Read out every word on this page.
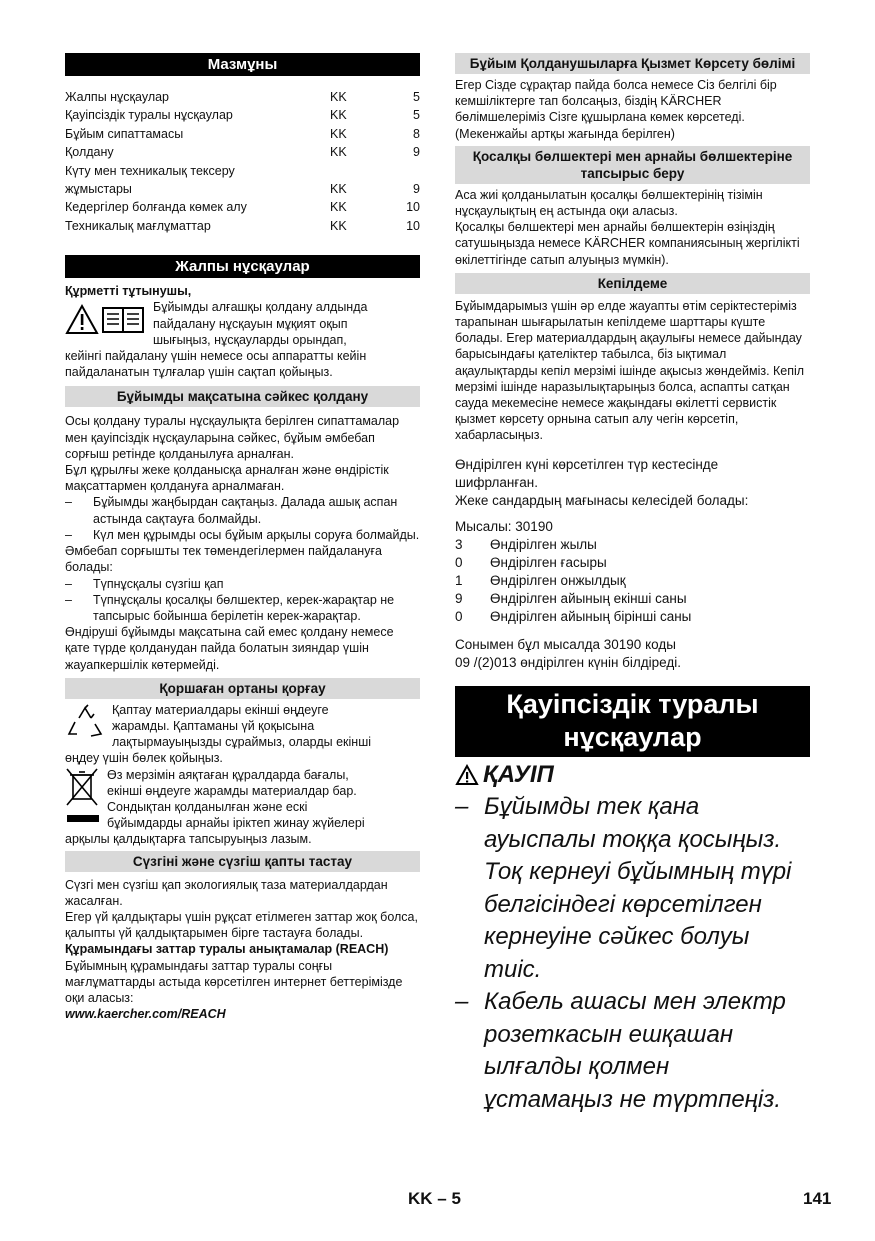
Мазмұны
Жалпы нұсқаулар	KK	5
Қауіпсіздік туралы нұсқаулар	KK	5
Бұйым сипаттамасы	KK	8
Қолдану	KK	9
Күту мен техникалық тексеру
жұмыстары	KK	9
Кедергілер болғанда көмек алу	KK	10
Техникалық мағлұматтар	KK	10
Жалпы нұсқаулар

Құрметті тұтынушы,

Бұйымды алғашқы қолдану алдында

пайдалану нұсқауын мұқият оқып

шығыңыз, нұсқауларды орындап,

кейінгі пайдалану үшін немесе осы аппаратты кейін пайдаланатын тұлғалар үшін сақтап қойыңыз.

Бұйымды мақсатына сәйкес қолдану

Осы қолдану туралы нұсқаулықта берілген сипаттамалар мен қауіпсіздік нұсқауларына сәйкес, бұйым әмбебап сорғыш ретінде қолданылуға арналған.

Бұл құрылғы жеке қолданысқа арналған және өндірістік мақсаттармен қолдануға арналмаған.

–	Бұйымды жаңбырдан сақтаңыз. Далада ашық аспан астында сақтауға болмайды.
–	Күл мен құрымды осы бұйым арқылы соруға болмайды.

Әмбебап сорғышты тек төмендегілермен пайдалануға болады:

–	Түпнұсқалы сүзгіш қап
–	Түпнұсқалы қосалқы бөлшектер, керек-жарақтар не тапсырыс бойынша берілетін керек-жарақтар.

Өндіруші бұйымды мақсатына сай емес қолдану немесе қате түрде қолданудан пайда болатын зияндар үшін жауапкершілік көтермейді.

Қоршаған ортаны қорғау

Қаптау материалдары екінші өңдеуге

жарамды. Қаптаманы үй қоқысына

лақтырмауыңызды сұраймыз, оларды екінші

өңдеу үшін бөлек қойыңыз.

Өз мерзімін аяқтаған құралдарда бағалы,

екінші өңдеуге жарамды материалдар бар.

Сондықтан қолданылған және ескі

бұйымдарды арнайы іріктеп жинау жүйелері

арқылы қалдықтарға тапсыруыңыз лазым.

Сүзгіні және сүзгіш қапты тастау

Сүзгі мен сүзгіш қап экологиялық таза материалдардан жасалған.

Егер үй қалдықтары үшін рұқсат етілмеген заттар жоқ болса, қалыпты үй қалдықтарымен бірге тастауға болады.

Құрамындағы заттар туралы анықтамалар (REACH)

Бұйымның құрамындағы заттар туралы соңғы мағлұматтарды астыда көрсетілген интернет беттерімізде оқи аласыз:

www.kaercher.com/REACH

Бұйым Қолданушыларға Қызмет Көрсету бөлімі

Егер Сізде сұрақтар пайда болса немесе Сіз белгілі бір кемшіліктерге тап болсаңыз, біздің KÄRCHER бөлімшелеріміз Сізге құшырлана көмек көрсетеді. (Мекенжайы артқы жағында берілген)

Қосалқы бөлшектері мен арнайы бөлшектеріне тапсырыс беру

Аса жиі қолданылатын қосалқы бөлшектерінің тізімін нұсқаулықтың ең астында оқи аласыз.

Қосалқы бөлшектері мен арнайы бөлшектерін өзіңіздің сатушыңызда немесе KÄRCHER компаниясының жергілікті өкілеттігінде сатып алуыңыз мүмкін).

Кепілдеме

Бұйымдарымыз үшін әр елде жауапты өтім серіктестеріміз тарапынан шығарылатын кепілдеме шарттары күште болады. Егер материалдардың ақаулығы немесе дайындау барысындағы қателіктер табылса, біз ықтимал ақаулықтарды кепіл мерзімі ішінде ақысыз жөндейміз. Кепіл мерзімі ішінде наразылықтарыңыз болса, аспапты сатқан сауда мекемесіне немесе жақындағы өкілетті сервистік қызмет көрсету орнына сатып алу чегін көрсетіп, хабарласыңыз.

Өндірілген күні көрсетілген түр кестесінде
шифрланған.
Жеке сандардың мағынасы келесідей болады:
Мысалы: 30190
3	Өндірілген жылы
0	Өндірілген ғасыры
1	Өндірілген онжылдық
9	Өндірілген айының екінші саны
0	Өндірілген айының бірінші саны
Сонымен бұл мысалда 30190 коды
09 /(2)013 өндірілген күнін білдіреді.
Қауіпсіздік туралы
нұсқаулар
ҚАУІП
– Бұйымды тек қана
ауыспалы тоққа қосыңыз.
Тоқ кернеуі бұйымның түрі
белгісіндегі көрсетілген
кернеуіне сәйкес болуы
тиіс.
– Кабель ашасы мен электр
розеткасын ешқашан
ылғалды қолмен
ұстамаңыз не түртпеңіз.
KK – 5	141
